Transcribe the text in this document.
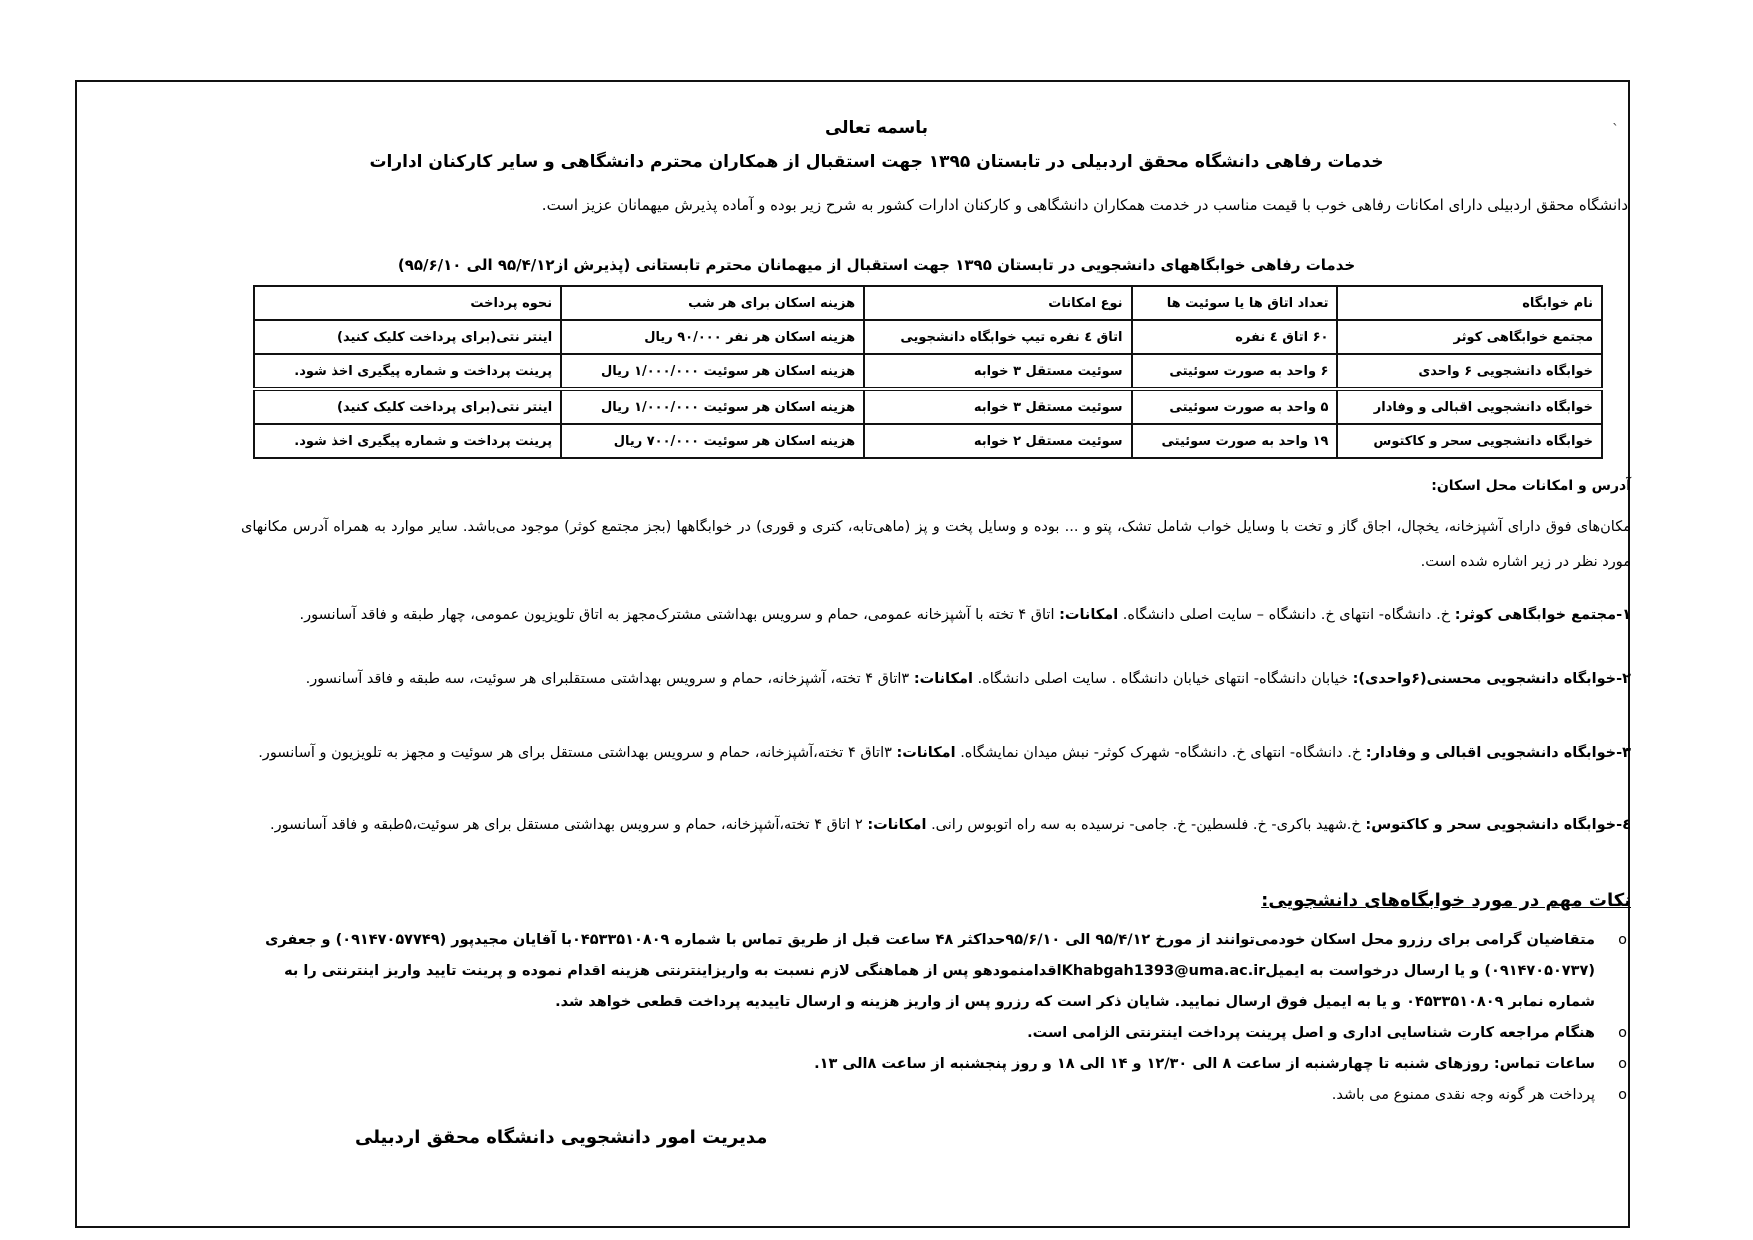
ˎ
باسمه تعالی
خدمات رفاهی دانشگاه محقق اردبیلی در تابستان ۱۳۹۵ جهت استقبال از همکاران محترم دانشگاهی و سایر کارکنان ادارات
دانشگاه محقق اردبیلی دارای امکانات رفاهی خوب با قیمت مناسب در خدمت همکاران دانشگاهی و کارکنان ادارات کشور به شرح زیر بوده و آماده پذیرش میهمانان عزیز است.
خدمات رفاهی خوابگاههای دانشجویی در تابستان ۱۳۹۵ جهت استقبال از میهمانان محترم تابستانی (پذیرش از۹۵/۴/۱۲ الی ۹۵/۶/۱۰)
نام خوابگاه	تعداد اتاق ها یا سوئیت ها	نوع امکانات	هزینه اسکان برای هر شب	نحوه پرداخت
مجتمع خوابگاهی کوثر	۶۰ اتاق ٤ نفره	اتاق ٤ نفره تیپ خوابگاه دانشجویی	هزینه اسکان هر نفر ۹۰/۰۰۰ ریال	اینتر نتی(برای پرداخت کلیک کنید)
خوابگاه دانشجویی ۶ واحدی	۶ واحد به صورت سوئیتی	سوئیت مستقل ۳ خوابه	هزینه اسکان هر سوئیت ۱/۰۰۰/۰۰۰ ریال	پرینت پرداخت و شماره پیگیری اخذ شود.
خوابگاه دانشجویی اقبالی و وفادار	۵ واحد به صورت سوئیتی	سوئیت مستقل ۳ خوابه	هزینه اسکان هر سوئیت ۱/۰۰۰/۰۰۰ ریال	اینتر نتی(برای پرداخت کلیک کنید)
خوابگاه دانشجویی سحر و کاکتوس	۱۹ واحد به صورت سوئیتی	سوئیت مستقل ۲ خوابه	هزینه اسکان هر سوئیت ۷۰۰/۰۰۰ ریال	پرینت پرداخت و شماره پیگیری اخذ شود.
آدرس و امکانات محل اسکان:
مکان‌های فوق دارای آشپزخانه، یخچال، اجاق گاز و تخت با وسایل خواب شامل تشک، پتو و ... بوده و وسایل پخت و پز (ماهی‌تابه، کتری و قوری) در خوابگاهها (بجز مجتمع کوثر) موجود می‌باشد. سایر موارد به همراه آدرس مکانهای مورد نظر در زیر اشاره شده است.
۱-مجتمع خوابگاهی کوثر: خ. دانشگاه- انتهای خ. دانشگاه – سایت اصلی دانشگاه. امکانات: اتاق ۴ تخته با آشپزخانه عمومی، حمام و سرویس بهداشتی مشترک‌مجهز به اتاق تلویزیون عمومی، چهار طبقه و فاقد آسانسور.
۲-خوابگاه دانشجویی محسنی(۶واحدی): خیابان دانشگاه- انتهای خیابان دانشگاه . سایت اصلی دانشگاه. امکانات: ۳اتاق ۴ تخته، آشپزخانه، حمام و سرویس بهداشتی مستقلبرای هر سوئیت، سه طبقه و فاقد آسانسور.
۳-خوابگاه دانشجویی اقبالی و وفادار: خ. دانشگاه- انتهای خ. دانشگاه- شهرک کوثر- نبش میدان نمایشگاه. امکانات: ۳اتاق ۴ تخته،آشپزخانه، حمام و سرویس بهداشتی مستقل برای هر سوئیت و مجهز به تلویزیون و آسانسور.
٤-خوابگاه دانشجویی سحر و کاکتوس: خ.شهید باکری- خ. فلسطین- خ. جامی- نرسیده به سه راه اتوبوس رانی. امکانات: ۲ اتاق ۴ تخته،آشپزخانه، حمام و سرویس بهداشتی مستقل برای هر سوئیت،۵طبقه و فاقد آسانسور.
نکات مهم در مورد خوابگاه‌های دانشجویی:
o
متقاضیان گرامی برای رزرو محل اسکان خودمی‌توانند از مورخ ۹۵/۴/۱۲ الی ۹۵/۶/۱۰حداکثر ۴۸ ساعت قبل از طریق تماس با شماره ۰۴۵۳۳۵۱۰۸۰۹با آقایان مجیدپور (۰۹۱۴۷۰۵۷۷۴۹) و جعفری (۰۹۱۴۷۰۵۰۷۳۷) و یا ارسال درخواست به ایمیلKhabgah1393@uma.ac.irاقدامنمودهو پس از هماهنگی لازم نسبت به واریزاینترنتی هزینه اقدام نموده و پرینت تایید واریز اینترنتی را به شماره نمابر ۰۴۵۳۳۵۱۰۸۰۹ و یا به ایمیل فوق ارسال نمایید. شایان ذکر است که رزرو پس از واریز هزینه و ارسال تاییدیه پرداخت قطعی خواهد شد.
o
هنگام مراجعه کارت شناسایی اداری و اصل پرینت پرداخت اینترنتی الزامی است.
o
ساعات تماس: روزهای شنبه تا چهارشنبه از ساعت ۸ الی ۱۲/۳۰ و ۱۴ الی ۱۸ و روز پنجشنبه از ساعت ۸الی ۱۳.
o
پرداخت هر گونه وجه نقدی ممنوع می باشد.
مدیریت امور دانشجویی دانشگاه محقق اردبیلی
